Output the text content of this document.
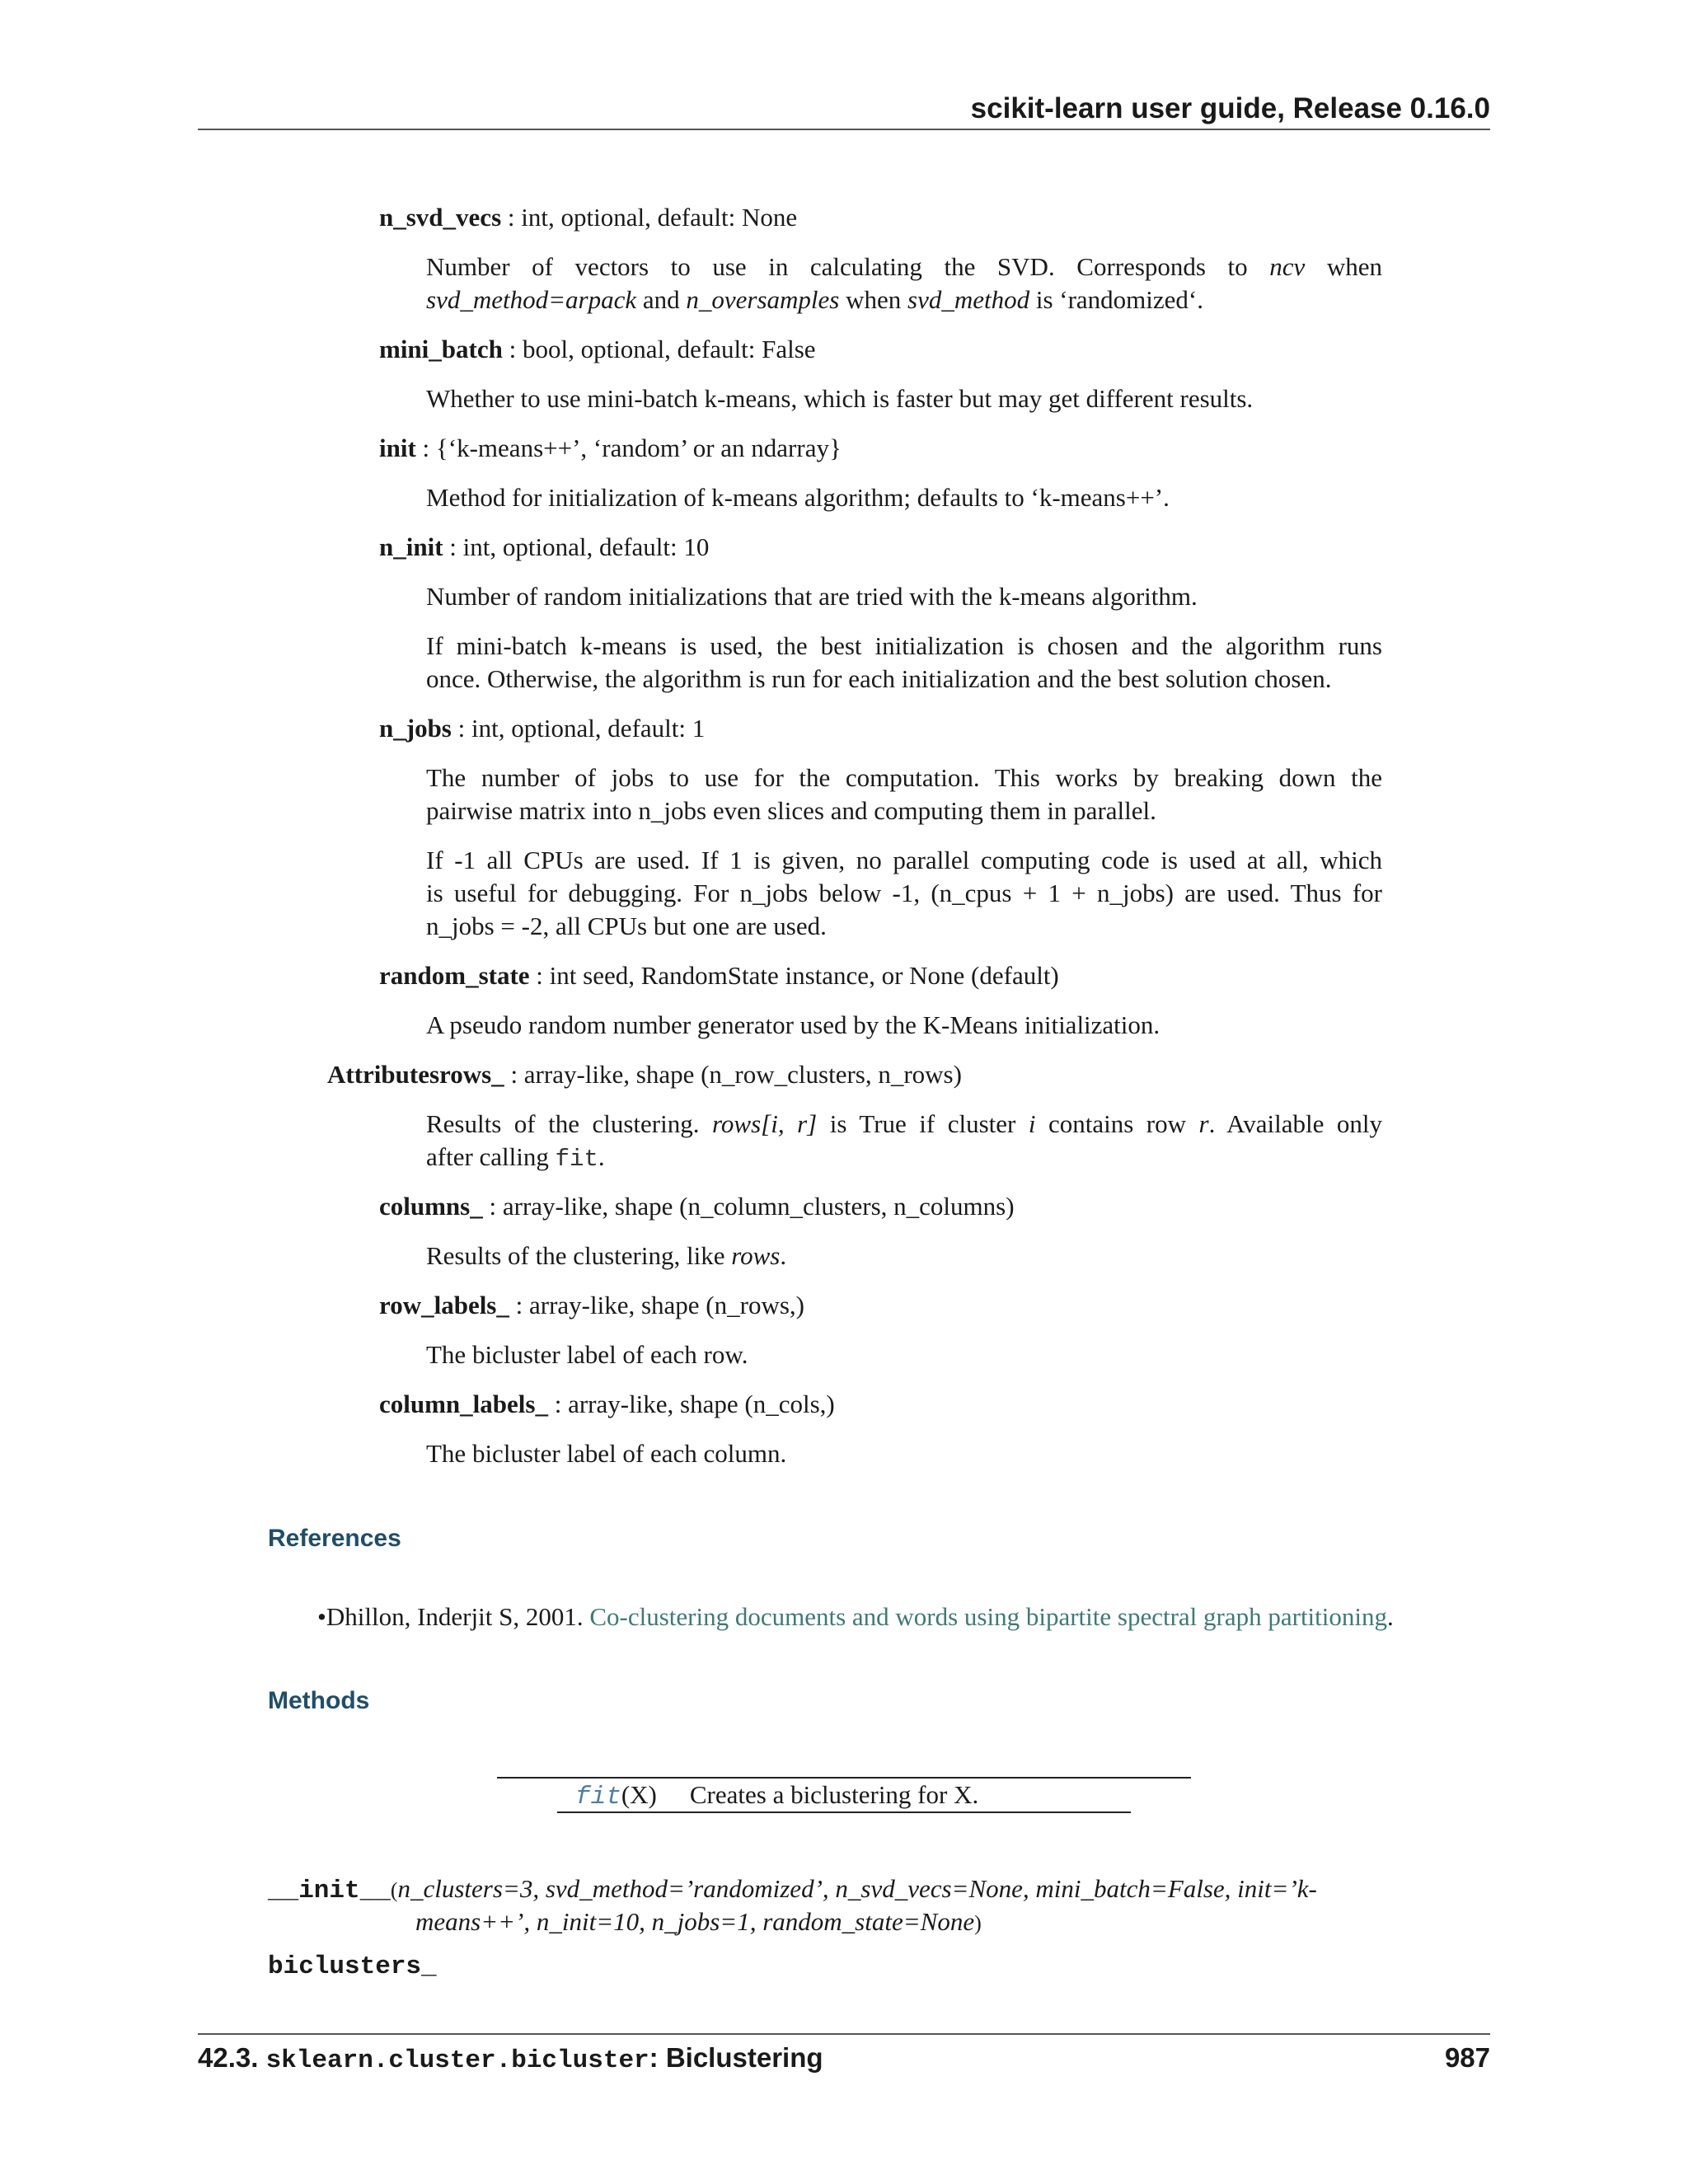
scikit-learn user guide, Release 0.16.0
n_svd_vecs : int, optional, default: None
Number of vectors to use in calculating the SVD. Corresponds to ncv when
svd_method=arpack and n_oversamples when svd_method is ‘randomized‘.
mini_batch : bool, optional, default: False
Whether to use mini-batch k-means, which is faster but may get different results.
init : {‘k-means++’, ‘random’ or an ndarray}
Method for initialization of k-means algorithm; defaults to ‘k-means++’.
n_init : int, optional, default: 10
Number of random initializations that are tried with the k-means algorithm.
If mini-batch k-means is used, the best initialization is chosen and the algorithm runs
once. Otherwise, the algorithm is run for each initialization and the best solution chosen.
n_jobs : int, optional, default: 1
The number of jobs to use for the computation. This works by breaking down the
pairwise matrix into n_jobs even slices and computing them in parallel.
If -1 all CPUs are used. If 1 is given, no parallel computing code is used at all, which
is useful for debugging. For n_jobs below -1, (n_cpus + 1 + n_jobs) are used. Thus for
n_jobs = -2, all CPUs but one are used.
random_state : int seed, RandomState instance, or None (default)
A pseudo random number generator used by the K-Means initialization.
Attributesrows_ : array-like, shape (n_row_clusters, n_rows)
Results of the clustering. rows[i, r] is True if cluster i contains row r. Available only
after calling fit.
columns_ : array-like, shape (n_column_clusters, n_columns)
Results of the clustering, like rows.
row_labels_ : array-like, shape (n_rows,)
The bicluster label of each row.
column_labels_ : array-like, shape (n_cols,)
The bicluster label of each column.
References
•Dhillon, Inderjit S, 2001. Co-clustering documents and words using bipartite spectral graph partitioning.
Methods
fit(X) Creates a biclustering for X.
__init__(n_clusters=3, svd_method=’randomized’, n_svd_vecs=None, mini_batch=False, init=’k-
means++’, n_init=10, n_jobs=1, random_state=None)
biclusters_
42.3. sklearn.cluster.bicluster: Biclustering	987
